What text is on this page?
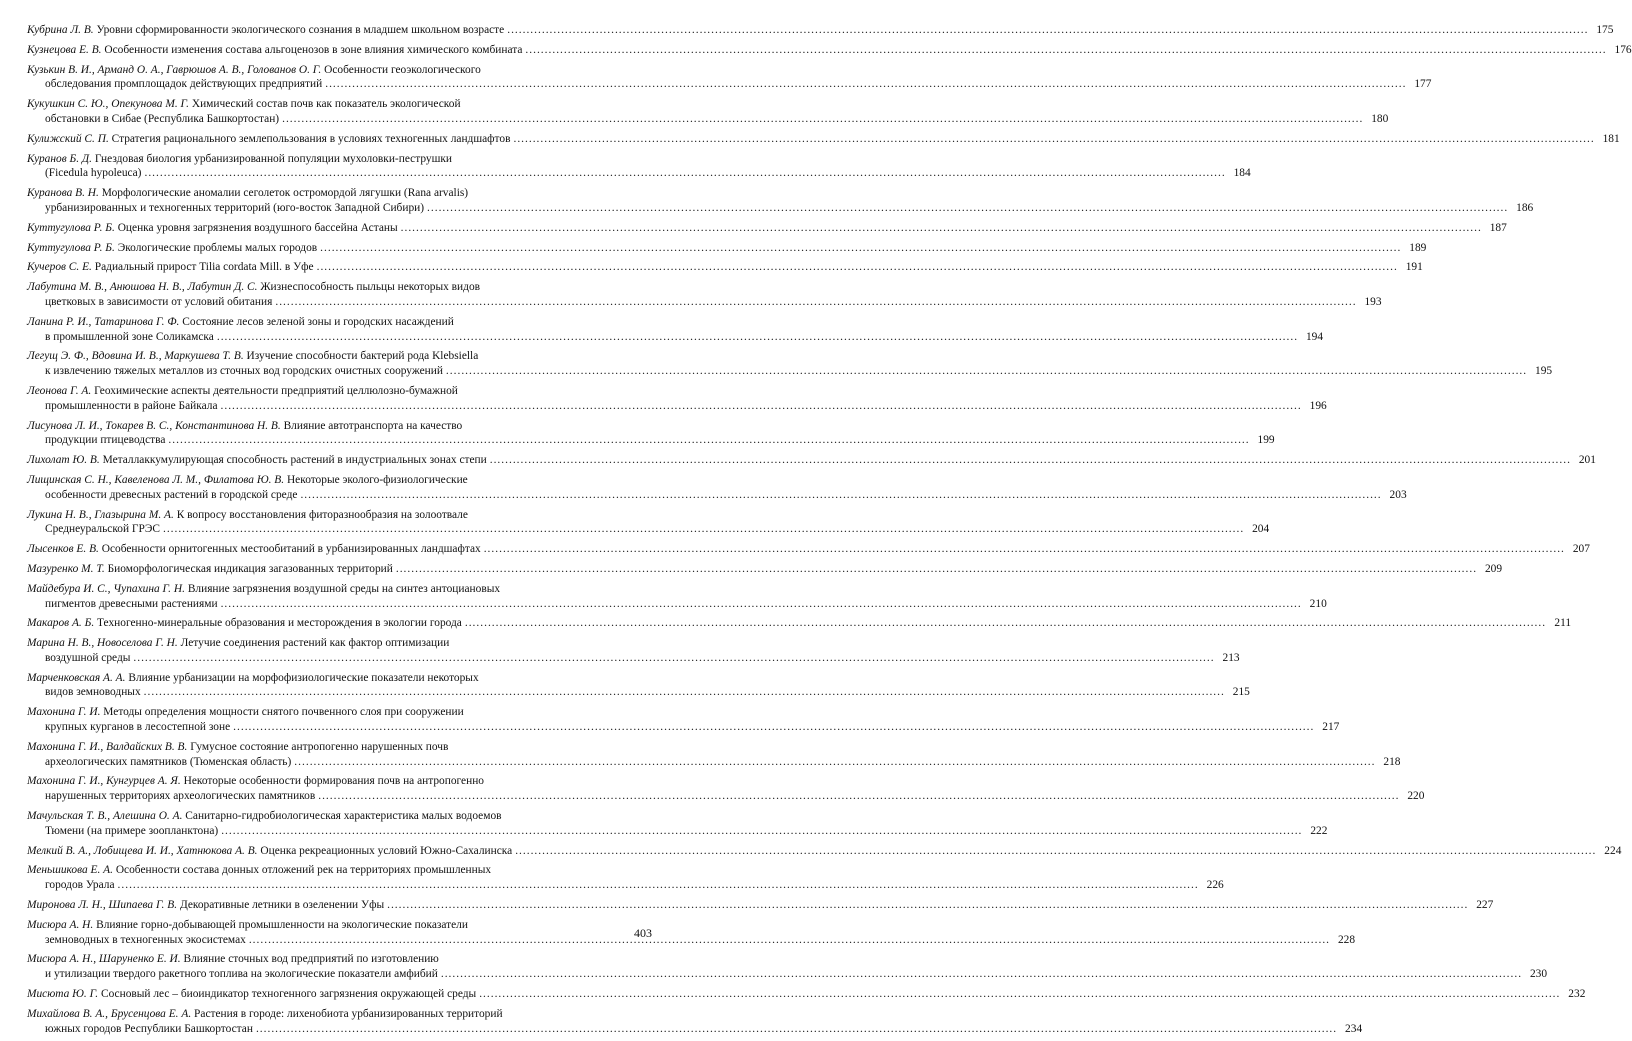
Кубрина Л. В. Уровни сформированности экологического сознания в младшем школьном возрасте .....	175
Кузнецова Е. В. Особенности изменения состава альгоценозов в зоне влияния химического комбината .....	176
Кузькин В. И., Арманд О. А., Гаврюшов А. В., Голованов О. Г. Особенности геоэкологического
обследования промплощадок действующих предприятий .....	177
Кукушкин С. Ю., Опекунова М. Г. Химический состав почв как показатель экологической
обстановки в Сибае (Республика Башкортостан) .....	180
Кулижский С. П. Стратегия рационального землепользования в условиях техногенных ландшафтов .....	181
Куранов Б. Д. Гнездовая биология урбанизированной популяции мухоловки-пеструшки
(Ficedula hypoleuca) .....	184
Куранова В. Н. Морфологические аномалии сеголеток остромордой лягушки (Rana arvalis)
урбанизированных и техногенных территорий (юго-восток Западной Сибири) .....	186
Куттугулова Р. Б. Оценка уровня загрязнения воздушного бассейна Астаны .....	187
Куттугулова Р. Б. Экологические проблемы малых городов .....	189
Кучеров С. Е. Радиальный прирост Tilia cordata Mill. в Уфе .....	191
Лабутина М. В., Анюшова Н. В., Лабутин Д. С. Жизнеспособность пыльцы некоторых видов
цветковых в зависимости от условий обитания .....	193
Ланина Р. И., Татаринова Г. Ф. Состояние лесов зеленой зоны и городских насаждений
в промышленной зоне Соликамска .....	194
Легущ Э. Ф., Вдовина И. В., Маркушева Т. В. Изучение способности бактерий рода Klebsiella
к извлечению тяжелых металлов из сточных вод городских очистных сооружений .....	195
Леонова Г. А. Геохимические аспекты деятельности предприятий целлюлозно-бумажной
промышленности в районе Байкала .....	196
Лисунова Л. И., Токарев В. С., Константинова Н. В. Влияние автотранспорта на качество
продукции птицеводства .....	199
Лихолат Ю. В. Металлаккумулирующая способность растений в индустриальных зонах степи .....	201
Лищинская С. Н., Кавеленова Л. М., Филатова Ю. В. Некоторые эколого-физиологические
особенности древесных растений в городской среде .....	203
Лукина Н. В., Глазырина М. А. К вопросу восстановления фиторазнообразия на золоотвале
Среднеуральской ГРЭС .....	204
Лысенков Е. В. Особенности орнитогенных местообитаний в урбанизированных ландшафтах .....	207
Мазуренко М. Т. Биоморфологическая индикация загазованных территорий .....	209
Майдебура И. С., Чупахина Г. Н. Влияние загрязнения воздушной среды на синтез антоциановых
пигментов древесными растениями .....	210
Макаров А. Б. Техногенно-минеральные образования и месторождения в экологии города .....	211
Марина Н. В., Новоселова Г. Н. Летучие соединения растений как фактор оптимизации
воздушной среды .....	213
Марченковская А. А. Влияние урбанизации на морфофизиологические показатели некоторых
видов земноводных .....	215
Махонина Г. И. Методы определения мощности снятого почвенного слоя при сооружении
крупных курганов в лесостепной зоне .....	217
Махонина Г. И., Валдайских В. В. Гумусное состояние антропогенно нарушенных почв
археологических памятников (Тюменская область) .....	218
Махонина Г. И., Кунгурцев А. Я. Некоторые особенности формирования почв на антропогенно
нарушенных территориях археологических памятников .....	220
Мачульская Т. В., Алешина О. А. Санитарно-гидробиологическая характеристика малых водоемов
Тюмени (на примере зоопланктона) .....	222
Мелкий В. А., Лобищева И. И., Хатнюкова А. В. Оценка рекреационных условий Южно-Сахалинска .....	224
Меньшикова Е. А. Особенности состава донных отложений рек на территориях промышленных
городов Урала .....	226
Миронова Л. Н., Шипаева Г. В. Декоративные летники в озеленении Уфы .....	227
Мисюра А. Н. Влияние горно-добывающей промышленности на экологические показатели
земноводных в техногенных экосистемах .....	228
Мисюра А. Н., Шаруненко Е. И. Влияние сточных вод предприятий по изготовлению
и утилизации твердого ракетного топлива на экологические показатели амфибий .....	230
Мисюта Ю. Г. Сосновый лес – биоиндикатор техногенного загрязнения окружающей среды .....	232
Михайлова В. А., Брусенцова Е. А. Растения в городе: лихенобиота урбанизированных территорий
южных городов Республики Башкортостан .....	234
403
